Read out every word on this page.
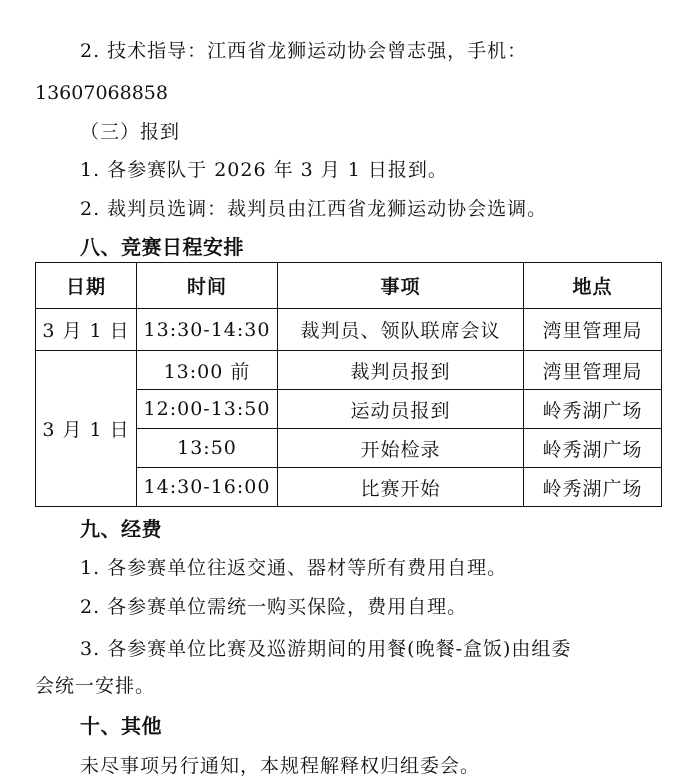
2. 技术指导：江西省龙狮运动协会曾志强，手机：
13607068858
（三）报到
1. 各参赛队于 2026 年 3 月 1 日报到。
2. 裁判员选调：裁判员由江西省龙狮运动协会选调。
八、竞赛日程安排
日期	时间	事项	地点
3 月 1 日	13:30-14:30	裁判员、领队联席会议	湾里管理局
3 月 1 日	13:00 前	裁判员报到	湾里管理局
	12:00-13:50	运动员报到	岭秀湖广场
	13:50	开始检录	岭秀湖广场
	14:30-16:00	比赛开始	岭秀湖广场
九、经费
1. 各参赛单位往返交通、器材等所有费用自理。
2. 各参赛单位需统一购买保险，费用自理。
3. 各参赛单位比赛及巡游期间的用餐(晚餐-盒饭)由组委
会统一安排。
十、其他
未尽事项另行通知，本规程解释权归组委会。
